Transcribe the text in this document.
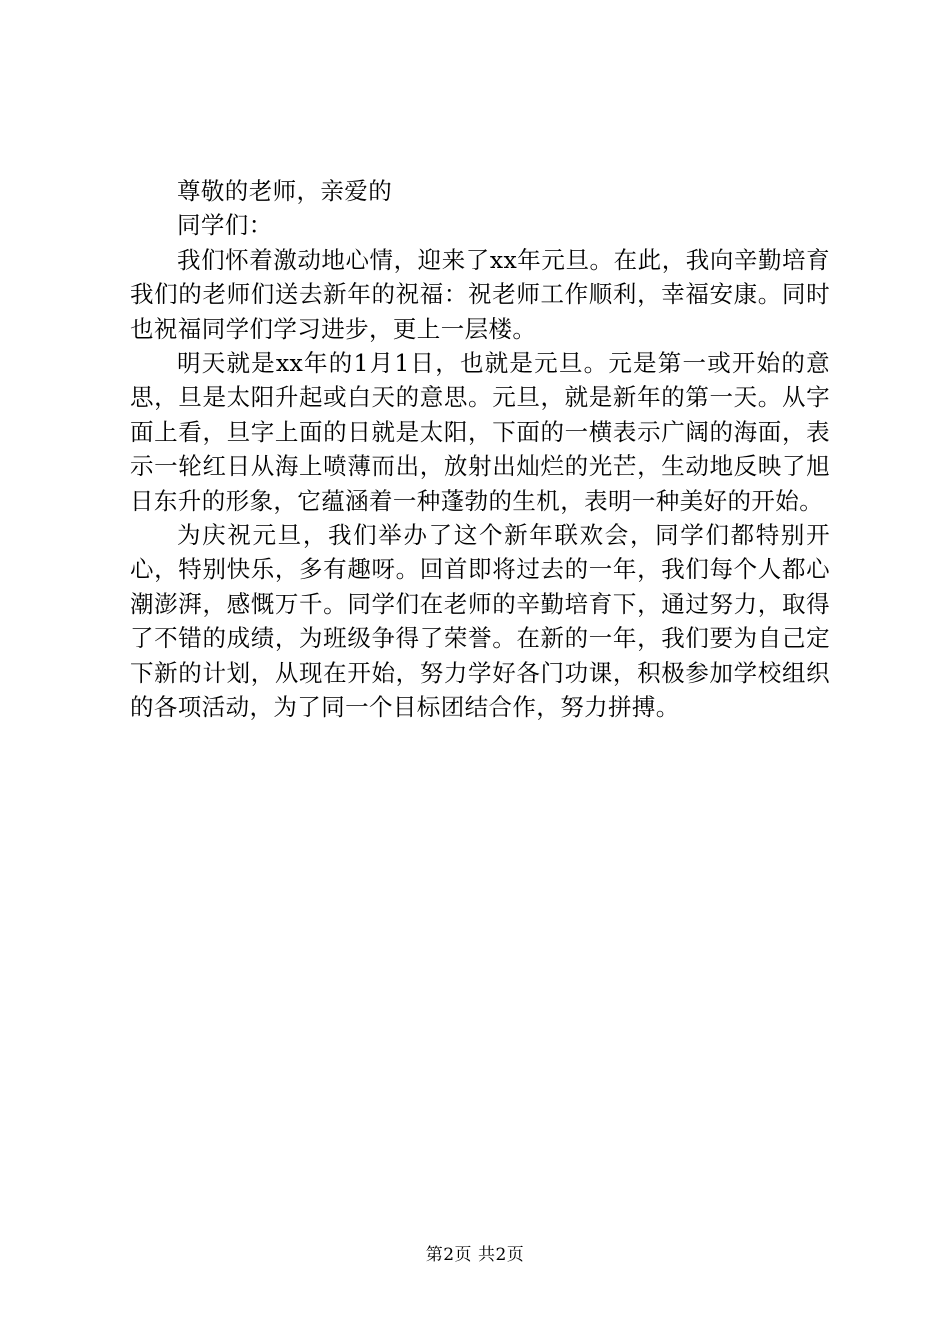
尊敬的老师，亲爱的

同学们：

我们怀着激动地心情，迎来了xx年元旦。在此，我向辛勤培育我们的老师们送去新年的祝福：祝老师工作顺利，幸福安康。同时也祝福同学们学习进步，更上一层楼。

明天就是xx年的1月1日，也就是元旦。元是第一或开始的意思，旦是太阳升起或白天的意思。元旦，就是新年的第一天。从字面上看，旦字上面的日就是太阳，下面的一横表示广阔的海面，表示一轮红日从海上喷薄而出，放射出灿烂的光芒，生动地反映了旭日东升的形象，它蕴涵着一种蓬勃的生机，表明一种美好的开始。

为庆祝元旦，我们举办了这个新年联欢会，同学们都特别开心，特别快乐，多有趣呀。回首即将过去的一年，我们每个人都心潮澎湃，感慨万千。同学们在老师的辛勤培育下，通过努力，取得了不错的成绩，为班级争得了荣誉。在新的一年，我们要为自己定下新的计划，从现在开始，努力学好各门功课，积极参加学校组织的各项活动，为了同一个目标团结合作，努力拼搏。

第2页 共2页
